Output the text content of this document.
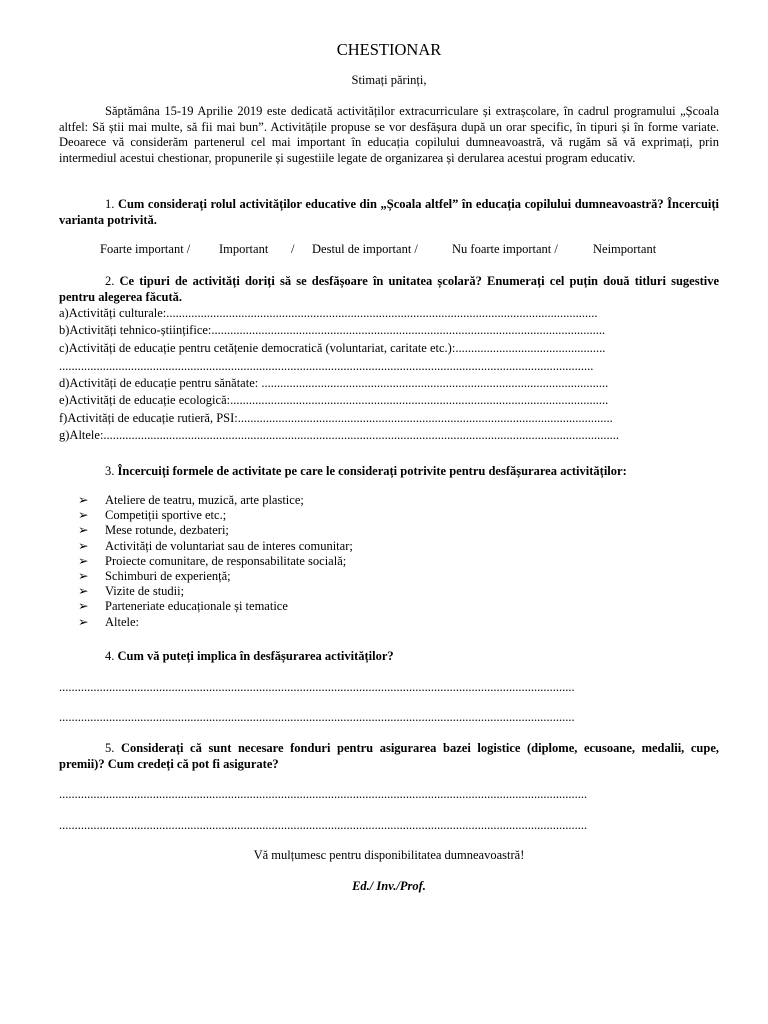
CHESTIONAR
Stimați părinți,
Săptămâna 15-19 Aprilie 2019 este dedicată activităților extracurriculare și extrașcolare, în cadrul programului „Școala altfel: Să știi mai multe, să fii mai bun”. Activitățile propuse se vor desfășura după un orar specific, în tipuri și în forme variate. Deoarece vă considerăm partenerul cel mai important în educația copilului dumneavoastră, vă rugăm să vă exprimați, prin intermediul acestui chestionar, propunerile și sugestiile legate de organizarea și derularea acestui program educativ.
1. Cum considerați rolul activităților educative din „Școala altfel” în educația copilului dumneavoastră? Încercuiți varianta potrivită.
Foarte important / Important / Destul de important /	Nu foarte important /	Neimportant
2. Ce tipuri de activități doriți să se desfășoare în unitatea școlară? Enumerați cel puțin două titluri sugestive pentru alegerea făcută.
a)Activități culturale:..........................................................................................................................................
b)Activități tehnico-științifice:..............................................................................................................................
c)Activități de educație pentru cetățenie democratică (voluntariat, caritate etc.):................................................
...........................................................................................................................................................................
d)Activități de educație pentru sănătate: ...............................................................................................................
e)Activități de educație ecologică:.........................................................................................................................
f)Activități de educație rutieră, PSI:........................................................................................................................
g)Altele:.....................................................................................................................................................................
3. Încercuiți formele de activitate pe care le considerați potrivite pentru desfășurarea activităților:
➢ Ateliere de teatru, muzică, arte plastice;
➢ Competiții sportive etc.;
➢ Mese rotunde, dezbateri;
➢ Activități de voluntariat sau de interes comunitar;
➢ Proiecte comunitare, de responsabilitate socială;
➢ Schimburi de experiență;
➢ Vizite de studii;
➢ Parteneriate educaționale și tematice
➢ Altele:
4. Cum vă puteți implica în desfășurarea activităților?
.....................................................................................................................................................................
.....................................................................................................................................................................
5. Considerați că sunt necesare fonduri pentru asigurarea bazei logistice (diplome, ecusoane, medalii, cupe, premii)? Cum credeți că pot fi asigurate?
.........................................................................................................................................................................
.........................................................................................................................................................................
Vă mulțumesc pentru disponibilitatea dumneavoastră!
Ed./ Inv./Prof.
